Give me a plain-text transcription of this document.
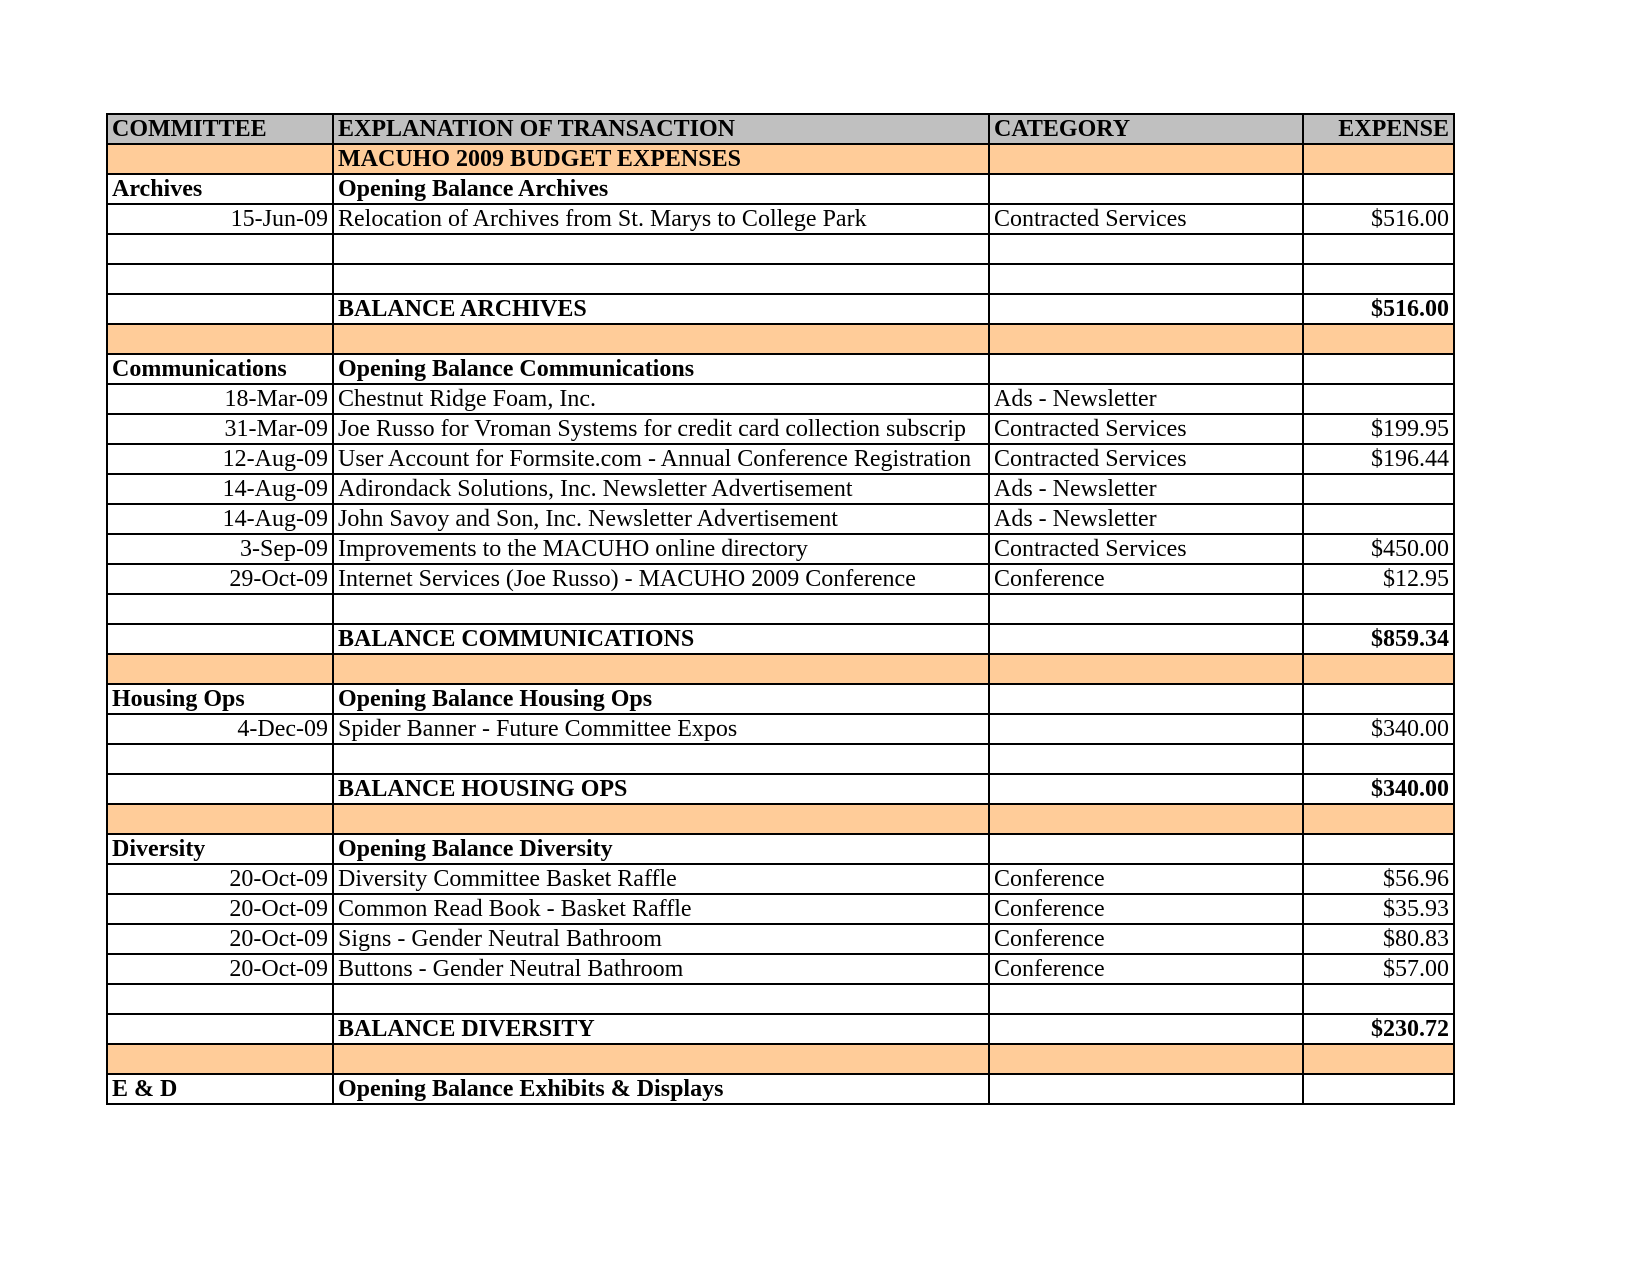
COMMITTEE	EXPLANATION OF TRANSACTION	CATEGORY	EXPENSE
	MACUHO 2009 BUDGET EXPENSES		
Archives	Opening Balance Archives		
15-Jun-09	Relocation of Archives from St. Marys to College Park	Contracted Services	$516.00

	BALANCE ARCHIVES		$516.00

Communications	Opening Balance Communications		
18-Mar-09	Chestnut Ridge Foam, Inc.	Ads - Newsletter	
31-Mar-09	Joe Russo for Vroman Systems for credit card collection subscrip	Contracted Services	$199.95
12-Aug-09	User Account for Formsite.com - Annual Conference Registration	Contracted Services	$196.44
14-Aug-09	Adirondack Solutions, Inc. Newsletter Advertisement	Ads - Newsletter	
14-Aug-09	John Savoy and Son, Inc. Newsletter Advertisement	Ads - Newsletter	
3-Sep-09	Improvements to the MACUHO online directory	Contracted Services	$450.00
29-Oct-09	Internet Services (Joe Russo) - MACUHO 2009 Conference	Conference	$12.95

	BALANCE COMMUNICATIONS		$859.34

Housing Ops	Opening Balance Housing Ops		
4-Dec-09	Spider Banner - Future Committee Expos		$340.00

	BALANCE HOUSING OPS		$340.00

Diversity	Opening Balance Diversity		
20-Oct-09	Diversity Committee Basket Raffle	Conference	$56.96
20-Oct-09	Common Read Book - Basket Raffle	Conference	$35.93
20-Oct-09	Signs - Gender Neutral Bathroom	Conference	$80.83
20-Oct-09	Buttons - Gender Neutral Bathroom	Conference	$57.00

	BALANCE DIVERSITY		$230.72

E & D	Opening Balance Exhibits & Displays		
